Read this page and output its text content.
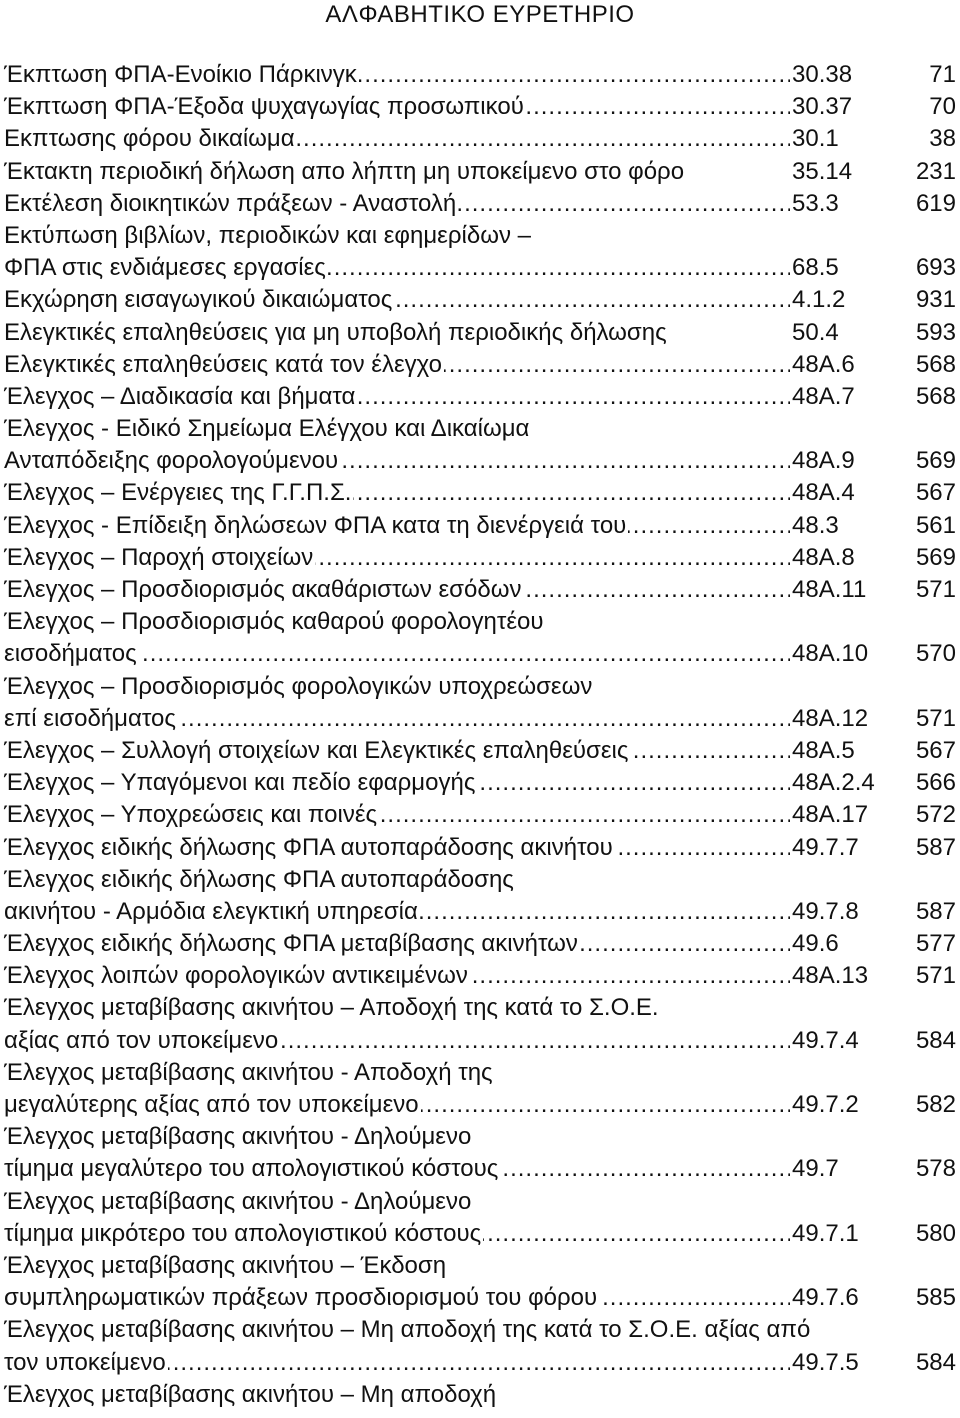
ΑΛΦΑΒΗΤΙΚΟ ΕΥΡΕΤΗΡΙΟ
Έκπτωση ΦΠΑ-Ενοίκιο Πάρκινγκ .....	30.38	71
Έκπτωση ΦΠΑ-Έξοδα ψυχαγωγίας προσωπικού .....	30.37	70
Εκπτωσης φόρου δικαίωμα .....	30.1	38
Έκτακτη περιοδική δήλωση απο λήπτη μη υποκείμενο στο φόρο	35.14	231
Εκτέλεση διοικητικών πράξεων - Αναστολή .....	53.3	619
Εκτύπωση βιβλίων, περιοδικών και εφημερίδων –
ΦΠΑ στις ενδιάμεσες εργασίες .....	68.5	693
Εκχώρηση εισαγωγικού δικαιώματος .....	4.1.2	931
Ελεγκτικές επαληθεύσεις για μη υποβολή περιοδικής δήλωσης	50.4	593
Ελεγκτικές επαληθεύσεις κατά τον έλεγχο .....	48Α.6	568
Έλεγχος – Διαδικασία και βήματα .....	48Α.7	568
Έλεγχος - Ειδικό Σημείωμα Ελέγχου και Δικαίωμα
Ανταπόδειξης φορολογούμενου .....	48Α.9	569
Έλεγχος – Ενέργειες της Γ.Γ.Π.Σ. .....	48Α.4	567
Έλεγχος - Επίδειξη δηλώσεων ΦΠΑ κατα τη διενέργειά του .....	48.3	561
Έλεγχος – Παροχή στοιχείων .....	48Α.8	569
Έλεγχος – Προσδιορισμός ακαθάριστων εσόδων .....	48Α.11 571
Έλεγχος – Προσδιορισμός καθαρού φορολογητέου
εισοδήματος .....	48Α.10 570
Έλεγχος – Προσδιορισμός φορολογικών υποχρεώσεων
επί εισοδήματος .....	48Α.12 571
Έλεγχος – Συλλογή στοιχείων και Ελεγκτικές επαληθεύσεις .....	48Α.5	567
Έλεγχος – Υπαγόμενοι και πεδίο εφαρμογής .....	48Α.2.4 566
Έλεγχος – Υποχρεώσεις και ποινές .....	48Α.17 572
Έλεγχος ειδικής δήλωσης ΦΠΑ αυτοπαράδοσης ακινήτου .....	49.7.7 587
Έλεγχος ειδικής δήλωσης ΦΠΑ αυτοπαράδοσης
ακινήτου - Αρμόδια ελεγκτική υπηρεσία .....	49.7.8 587
Έλεγχος ειδικής δήλωσης ΦΠΑ μεταβίβασης ακινήτων .....	49.6	577
Έλεγχος λοιπών φορολογικών αντικειμένων .....	48Α.13 571
Έλεγχος μεταβίβασης ακινήτου – Αποδοχή της κατά το Σ.Ο.Ε.
αξίας από τον υποκείμενο .....	49.7.4 584
Έλεγχος μεταβίβασης ακινήτου - Αποδοχή της
μεγαλύτερης αξίας από τον υποκείμενο .....	49.7.2 582
Έλεγχος μεταβίβασης ακινήτου - Δηλούμενο
τίμημα μεγαλύτερο του απολογιστικού κόστους .....	49.7	578
Έλεγχος μεταβίβασης ακινήτου - Δηλούμενο
τίμημα μικρότερο του απολογιστικού κόστους .....	49.7.1 580
Έλεγχος μεταβίβασης ακινήτου – Έκδοση
συμπληρωματικών πράξεων προσδιορισμού του φόρου .....	49.7.6 585
Έλεγχος μεταβίβασης ακινήτου – Μη αποδοχή της κατά το Σ.Ο.Ε. αξίας από
τον υποκείμενο .....	49.7.5 584
Έλεγχος μεταβίβασης ακινήτου – Μη αποδοχή
